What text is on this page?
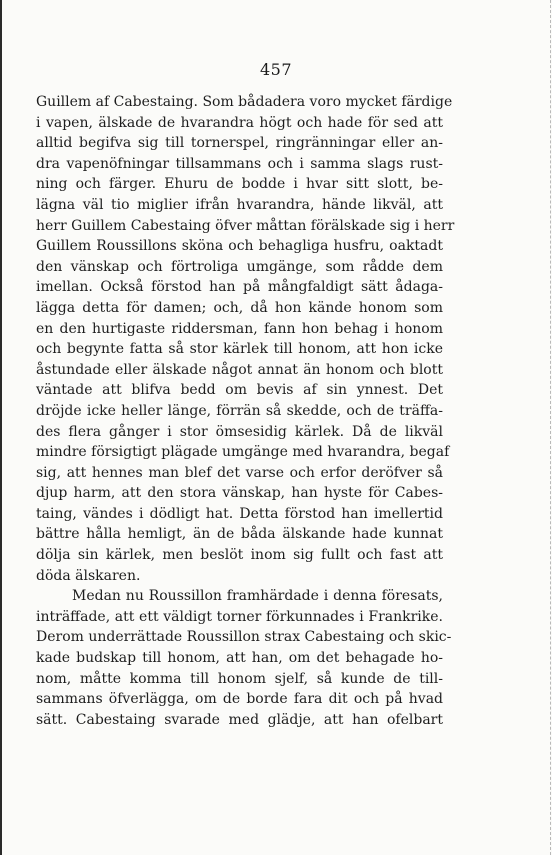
457
Guillem af Cabestaing. Som bådadera voro mycket färdige
i vapen, älskade de hvarandra högt och hade för sed att
alltid begifva sig till tornerspel, ringränningar eller an-
dra vapenöfningar tillsammans och i samma slags rust-
ning och färger. Ehuru de bodde i hvar sitt slott, be-
lägna väl tio miglier ifrån hvarandra, hände likväl, att
herr Guillem Cabestaing öfver måttan förälskade sig i herr
Guillem Roussillons sköna och behagliga husfru, oaktadt
den vänskap och förtroliga umgänge, som rådde dem
imellan. Också förstod han på mångfaldigt sätt ådaga-
lägga detta för damen; och, då hon kände honom som
en den hurtigaste riddersman, fann hon behag i honom
och begynte fatta så stor kärlek till honom, att hon icke
åstundade eller älskade något annat än honom och blott
väntade att blifva bedd om bevis af sin ynnest. Det
dröjde icke heller länge, förrän så skedde, och de träffa-
des flera gånger i stor ömsesidig kärlek. Då de likväl
mindre försigtigt plägade umgänge med hvarandra, begaf
sig, att hennes man blef det varse och erfor deröfver så
djup harm, att den stora vänskap, han hyste för Cabes-
taing, vändes i dödligt hat. Detta förstod han imellertid
bättre hålla hemligt, än de båda älskande hade kunnat
dölja sin kärlek, men beslöt inom sig fullt och fast att
döda älskaren.
Medan nu Roussillon framhärdade i denna föresats,
inträffade, att ett väldigt torner förkunnades i Frankrike.
Derom underrättade Roussillon strax Cabestaing och skic-
kade budskap till honom, att han, om det behagade ho-
nom, måtte komma till honom sjelf, så kunde de till-
sammans öfverlägga, om de borde fara dit och på hvad
sätt. Cabestaing svarade med glädje, att han ofelbart
